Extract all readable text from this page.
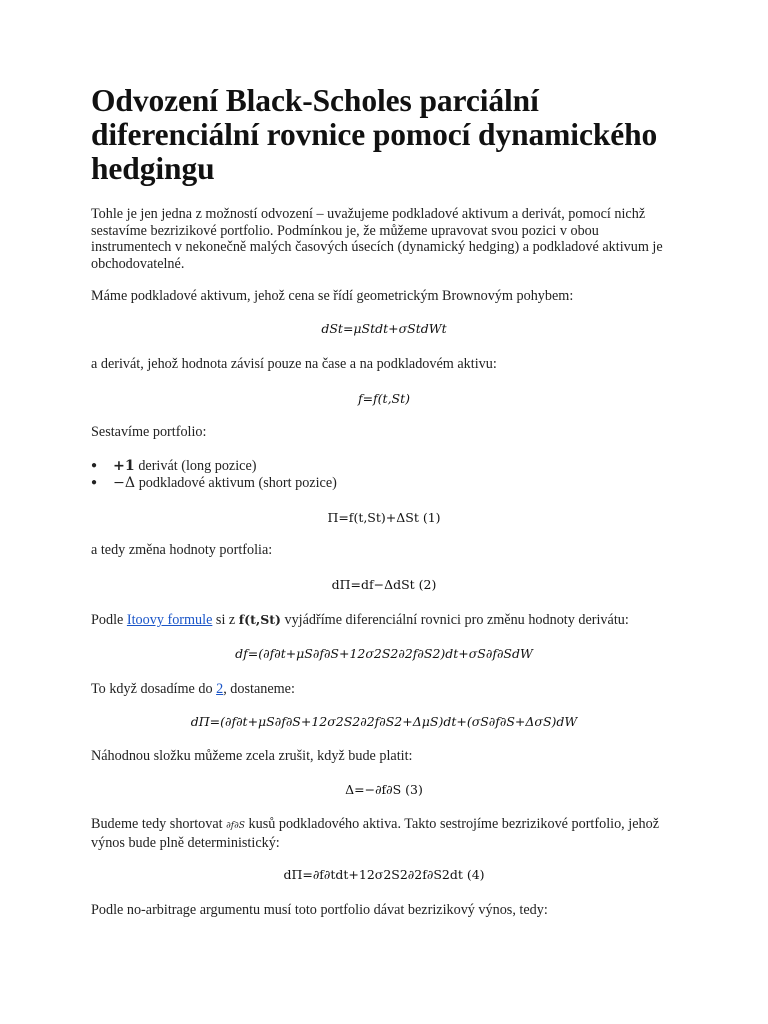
Odvození Black-Scholes parciální diferenciální rovnice pomocí dynamického hedgingu
Tohle je jen jedna z možností odvození – uvažujeme podkladové aktivum a derivát, pomocí nichž sestavíme bezrizikové portfolio. Podmínkou je, že můžeme upravovat svou pozici v obou instrumentech v nekonečně malých časových úsecích (dynamický hedging) a podkladové aktivum je obchodovatelné.
Máme podkladové aktivum, jehož cena se řídí geometrickým Brownovým pohybem:
dSt=μStdt+σStdWt
a derivát, jehož hodnota závisí pouze na čase a na podkladovém aktivu:
f=f(t,St)
Sestavíme portfolio:
● +1 derivát (long pozice)
● −Δ podkladové aktivum (short pozice)
Π=f(t,St)+ΔSt (1)
a tedy změna hodnoty portfolia:
dΠ=df−ΔdSt (2)
Podle Itoovy formule si z f(t,St) vyjádříme diferenciální rovnici pro změnu hodnoty derivátu:
df=(∂f∂t+μS∂f∂S+12σ2S2∂2f∂S2)dt+σS∂f∂SdW
To když dosadíme do 2, dostaneme:
dΠ=(∂f∂t+μS∂f∂S+12σ2S2∂2f∂S2+ΔμS)dt+(σS∂f∂S+ΔσS)dW
Náhodnou složku můžeme zcela zrušit, když bude platit:
Δ=−∂f∂S (3)
Budeme tedy shortovat ∂f∂S kusů podkladového aktiva. Takto sestrojíme bezrizikové portfolio, jehož výnos bude plně deterministický:
dΠ=∂f∂tdt+12σ2S2∂2f∂S2dt (4)
Podle no-arbitrage argumentu musí toto portfolio dávat bezrizikový výnos, tedy:
